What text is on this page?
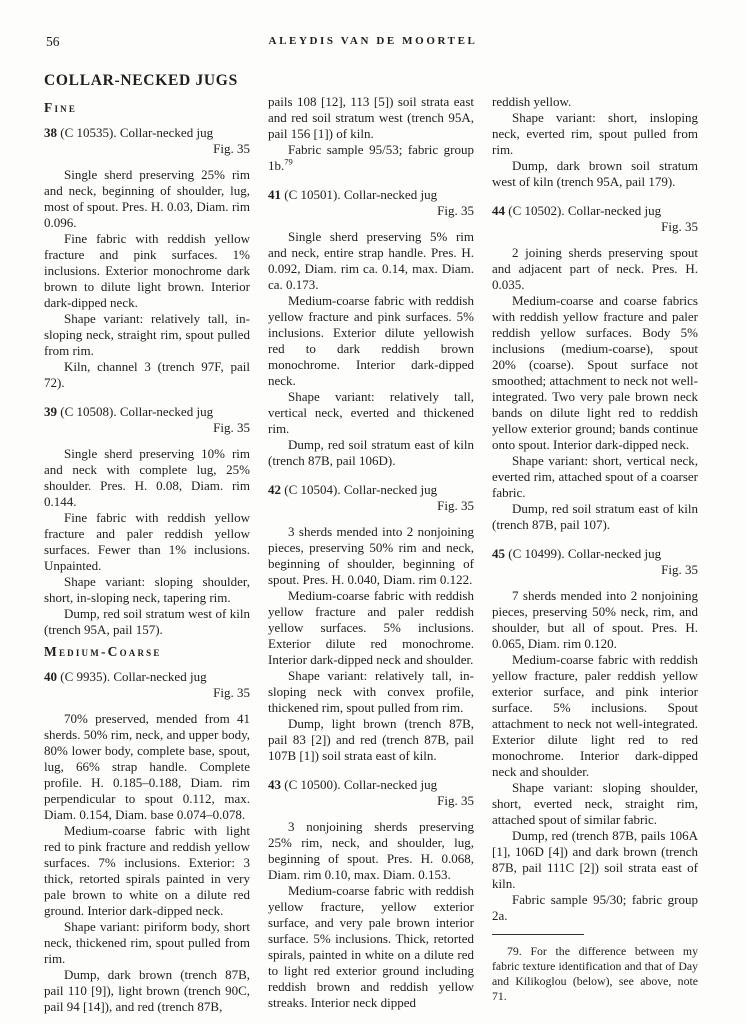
56	ALEYDIS VAN DE MOORTEL
COLLAR-NECKED JUGS
Fine
38 (C 10535). Collar-necked jug
Fig. 35

Single sherd preserving 25% rim and neck, beginning of shoulder, lug, most of spout. Pres. H. 0.03, Diam. rim 0.096.

Fine fabric with reddish yellow fracture and pink surfaces. 1% inclusions. Exterior monochrome dark brown to dilute light brown. Interior dark-dipped neck.

Shape variant: relatively tall, in-sloping neck, straight rim, spout pulled from rim.

Kiln, channel 3 (trench 97F, pail 72).

39 (C 10508). Collar-necked jug
Fig. 35

Single sherd preserving 10% rim and neck with complete lug, 25% shoulder. Pres. H. 0.08, Diam. rim 0.144.

Fine fabric with reddish yellow fracture and paler reddish yellow surfaces. Fewer than 1% inclusions. Unpainted.

Shape variant: sloping shoulder, short, in-sloping neck, tapering rim.

Dump, red soil stratum west of kiln (trench 95A, pail 157).

Medium-Coarse
40 (C 9935). Collar-necked jug
Fig. 35

70% preserved, mended from 41 sherds. 50% rim, neck, and upper body, 80% lower body, complete base, spout, lug, 66% strap handle. Complete profile. H. 0.185–0.188, Diam. rim perpendicular to spout 0.112, max. Diam. 0.154, Diam. base 0.074–0.078.

Medium-coarse fabric with light red to pink fracture and reddish yellow surfaces. 7% inclusions. Exterior: 3 thick, retorted spirals painted in very pale brown to white on a dilute red ground. Interior dark-dipped neck.

Shape variant: piriform body, short neck, thickened rim, spout pulled from rim.

Dump, dark brown (trench 87B, pail 110 [9]), light brown (trench 90C, pail 94 [14]), and red (trench 87B,

pails 108 [12], 113 [5]) soil strata east and red soil stratum west (trench 95A, pail 156 [1]) of kiln.

Fabric sample 95/53; fabric group 1b.$^{79}$

41 (C 10501). Collar-necked jug
Fig. 35

Single sherd preserving 5% rim and neck, entire strap handle. Pres. H. 0.092, Diam. rim ca. 0.14, max. Diam. ca. 0.173.

Medium-coarse fabric with reddish yellow fracture and pink surfaces. 5% inclusions. Exterior dilute yellowish red to dark reddish brown monochrome. Interior dark-dipped neck.

Shape variant: relatively tall, vertical neck, everted and thickened rim.

Dump, red soil stratum east of kiln (trench 87B, pail 106D).

42 (C 10504). Collar-necked jug
Fig. 35

3 sherds mended into 2 nonjoining pieces, preserving 50% rim and neck, beginning of shoulder, beginning of spout. Pres. H. 0.040, Diam. rim 0.122.

Medium-coarse fabric with reddish yellow fracture and paler reddish yellow surfaces. 5% inclusions. Exterior dilute red monochrome. Interior dark-dipped neck and shoulder.

Shape variant: relatively tall, in-sloping neck with convex profile, thickened rim, spout pulled from rim.

Dump, light brown (trench 87B, pail 83 [2]) and red (trench 87B, pail 107B [1]) soil strata east of kiln.

43 (C 10500). Collar-necked jug
Fig. 35

3 nonjoining sherds preserving 25% rim, neck, and shoulder, lug, beginning of spout. Pres. H. 0.068, Diam. rim 0.10, max. Diam. 0.153.

Medium-coarse fabric with reddish yellow fracture, yellow exterior surface, and very pale brown interior surface. 5% inclusions. Thick, retorted spirals, painted in white on a dilute red to light red exterior ground including reddish brown and reddish yellow streaks. Interior neck dipped

reddish yellow.

Shape variant: short, insloping neck, everted rim, spout pulled from rim.

Dump, dark brown soil stratum west of kiln (trench 95A, pail 179).

44 (C 10502). Collar-necked jug
Fig. 35

2 joining sherds preserving spout and adjacent part of neck. Pres. H. 0.035.

Medium-coarse and coarse fabrics with reddish yellow fracture and paler reddish yellow surfaces. Body 5% inclusions (medium-coarse), spout 20% (coarse). Spout surface not smoothed; attachment to neck not well-integrated. Two very pale brown neck bands on dilute light red to reddish yellow exterior ground; bands continue onto spout. Interior dark-dipped neck.

Shape variant: short, vertical neck, everted rim, attached spout of a coarser fabric.

Dump, red soil stratum east of kiln (trench 87B, pail 107).

45 (C 10499). Collar-necked jug
Fig. 35

7 sherds mended into 2 nonjoining pieces, preserving 50% neck, rim, and shoulder, but all of spout. Pres. H. 0.065, Diam. rim 0.120.

Medium-coarse fabric with reddish yellow fracture, paler reddish yellow exterior surface, and pink interior surface. 5% inclusions. Spout attachment to neck not well-integrated. Exterior dilute light red to red monochrome. Interior dark-dipped neck and shoulder.

Shape variant: sloping shoulder, short, everted neck, straight rim, attached spout of similar fabric.

Dump, red (trench 87B, pails 106A [1], 106D [4]) and dark brown (trench 87B, pail 111C [2]) soil strata east of kiln.

Fabric sample 95/30; fabric group 2a.

79. For the difference between my fabric texture identification and that of Day and Kilikoglou (below), see above, note 71.
